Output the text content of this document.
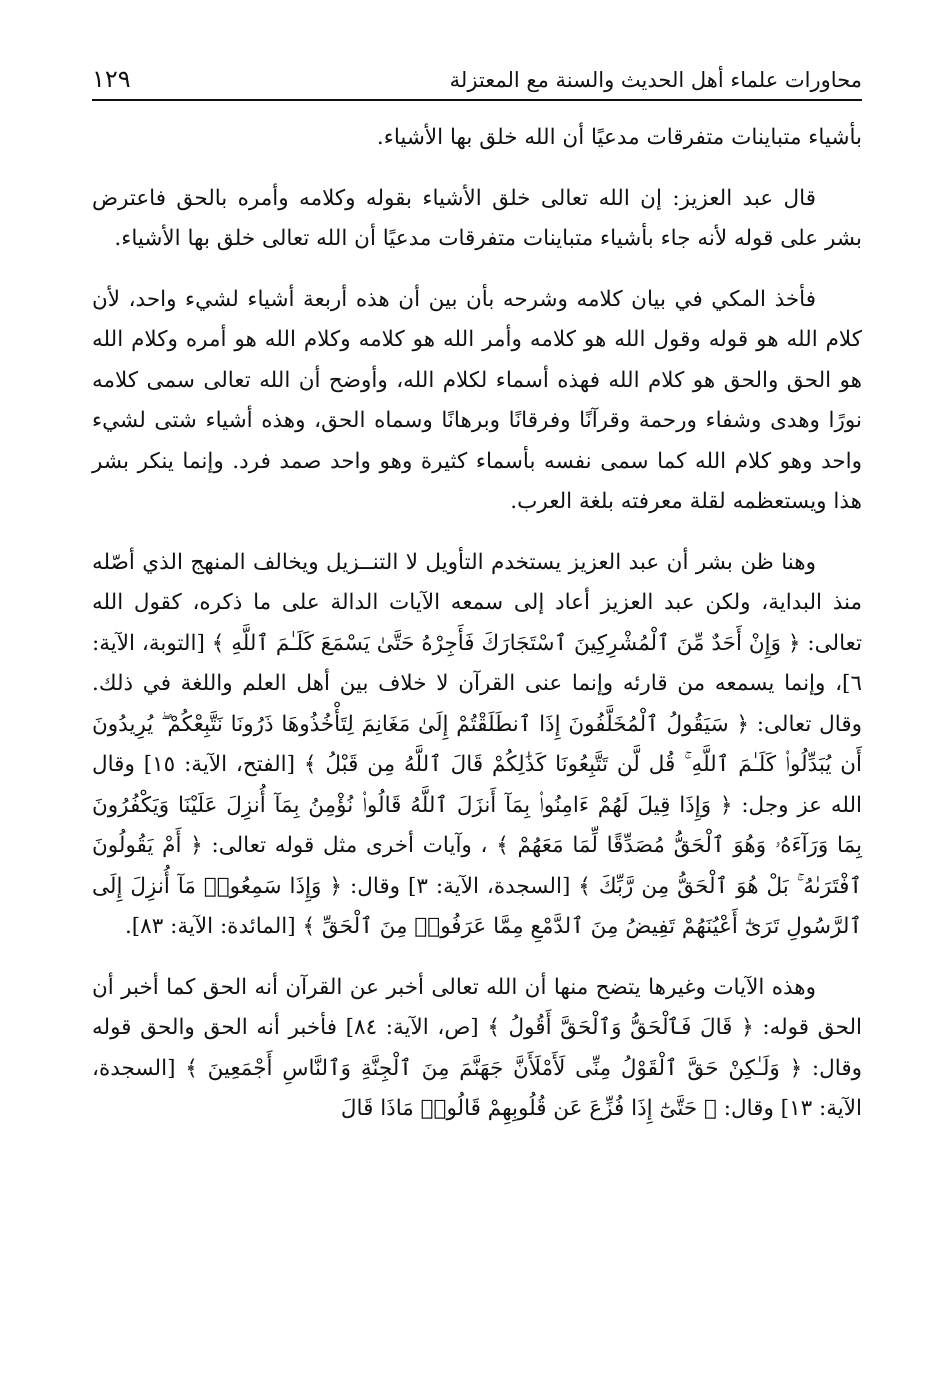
محاورات علماء أهل الحديث والسنة مع المعتزلة
١٢٩

بأشياء متباينات متفرقات مدعيًا أن الله خلق بها الأشياء.

قال عبد العزيز: إن الله تعالى خلق الأشياء بقوله وكلامه وأمره بالحق فاعترض بشر على قوله لأنه جاء بأشياء متباينات متفرقات مدعيًا أن الله تعالى خلق بها الأشياء.

فأخذ المكي في بيان كلامه وشرحه بأن بين أن هذه أربعة أشياء لشيء واحد، لأن كلام الله هو قوله وقول الله هو كلامه وأمر الله هو كلامه وكلام الله هو أمره وكلام الله هو الحق والحق هو كلام الله فهذه أسماء لكلام الله، وأوضح أن الله تعالى سمى كلامه نورًا وهدى وشفاء ورحمة وقرآنًا وفرقانًا وبرهانًا وسماه الحق، وهذه أشياء شتى لشيء واحد وهو كلام الله كما سمى نفسه بأسماء كثيرة وهو واحد صمد فرد. وإنما ينكر بشر هذا ويستعظمه لقلة معرفته بلغة العرب.

وهنا ظن بشر أن عبد العزيز يستخدم التأويل لا التنــزيل ويخالف المنهج الذي أصّله منذ البداية، ولكن عبد العزيز أعاد إلى سمعه الآيات الدالة على ما ذكره، كقول الله تعالى: ﴿ وَإِنْ أَحَدٌ مِّنَ ٱلْمُشْرِكِينَ ٱسْتَجَارَكَ فَأَجِرْهُ حَتَّىٰ يَسْمَعَ كَلَـٰمَ ٱللَّهِ ﴾ [التوبة، الآية: ٦]، وإنما يسمعه من قارئه وإنما عنى القرآن لا خلاف بين أهل العلم واللغة في ذلك. وقال تعالى: ﴿ سَيَقُولُ ٱلْمُخَلَّفُونَ إِذَا ٱنطَلَقْتُمْ إِلَىٰ مَغَانِمَ لِتَأْخُذُوهَا ذَرُونَا نَتَّبِعْكُمْ ۖ يُرِيدُونَ أَن يُبَدِّلُوا۟ كَلَـٰمَ ٱللَّهِ ۚ قُل لَّن تَتَّبِعُونَا كَذَٰلِكُمْ قَالَ ٱللَّهُ مِن قَبْلُ ﴾ [الفتح، الآية: ١٥] وقال الله عز وجل: ﴿ وَإِذَا قِيلَ لَهُمْ ءَامِنُوا۟ بِمَآ أَنزَلَ ٱللَّهُ قَالُوا۟ نُؤْمِنُ بِمَآ أُنزِلَ عَلَيْنَا وَيَكْفُرُونَ بِمَا وَرَآءَهُۥ وَهُوَ ٱلْحَقُّ مُصَدِّقًا لِّمَا مَعَهُمْ ﴾ ، وآيات أخرى مثل قوله تعالى: ﴿ أَمْ يَقُولُونَ ٱفْتَرَىٰهُ ۚ بَلْ هُوَ ٱلْحَقُّ مِن رَّبِّكَ ﴾ [السجدة، الآية: ٣] وقال: ﴿ وَإِذَا سَمِعُوا۟ مَآ أُنزِلَ إِلَى ٱلرَّسُولِ تَرَىٰٓ أَعْيُنَهُمْ تَفِيضُ مِنَ ٱلدَّمْعِ مِمَّا عَرَفُوا۟ مِنَ ٱلْحَقِّ ﴾ [المائدة: الآية: ٨٣].

وهذه الآيات وغيرها يتضح منها أن الله تعالى أخبر عن القرآن أنه الحق كما أخبر أن الحق قوله: ﴿ قَالَ فَٱلْحَقُّ وَٱلْحَقَّ أَقُولُ ﴾ [ص، الآية: ٨٤] فأخبر أنه الحق والحق قوله وقال: ﴿ وَلَـٰكِنْ حَقَّ ٱلْقَوْلُ مِنِّى لَأَمْلَأَنَّ جَهَنَّمَ مِنَ ٱلْجِنَّةِ وَٱلنَّاسِ أَجْمَعِينَ ﴾ [السجدة، الآية: ١٣] وقال: ﴿ حَتَّىٰٓ إِذَا فُزِّعَ عَن قُلُوبِهِمْ قَالُوا۟ مَاذَا قَالَ
